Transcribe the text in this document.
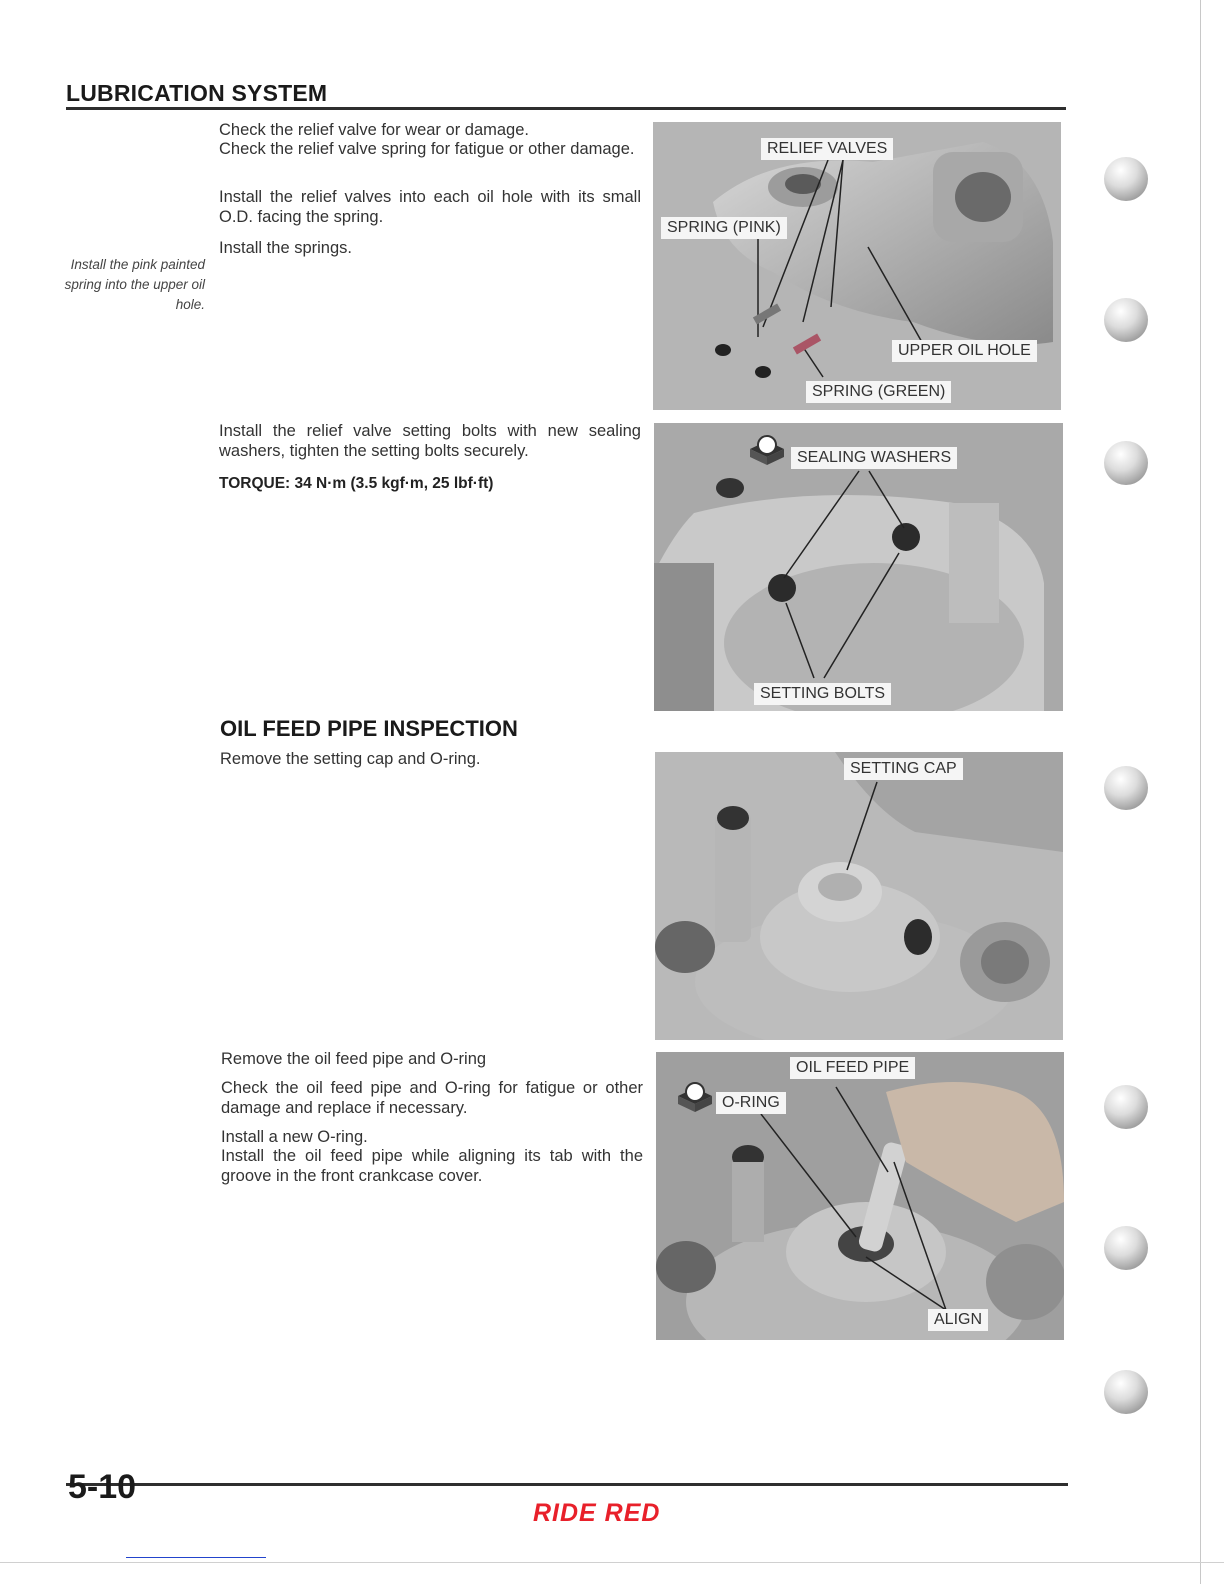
LUBRICATION SYSTEM

Check the relief valve for wear or damage.

Check the relief valve spring for fatigue or other damage.

Install the relief valves into each oil hole with its small O.D. facing the spring.

Install the springs.

Install the pink painted spring into the upper oil hole.

Install the relief valve setting bolts with new sealing washers, tighten the setting bolts securely.

TORQUE: 34 N·m (3.5 kgf·m, 25 lbf·ft)
OIL FEED PIPE INSPECTION

Remove the setting cap and O-ring.

Remove the oil feed pipe and O-ring

Check the oil feed pipe and O-ring for fatigue or other damage and replace if necessary.

Install a new O-ring.

Install the oil feed pipe while aligning its tab with the groove in the front crankcase cover.

RELIEF VALVES
SPRING (PINK)
UPPER OIL HOLE
SPRING (GREEN)
SEALING WASHERS
SETTING BOLTS
SETTING CAP
OIL FEED PIPE
O-RING
ALIGN
5-10
RIDE RED
